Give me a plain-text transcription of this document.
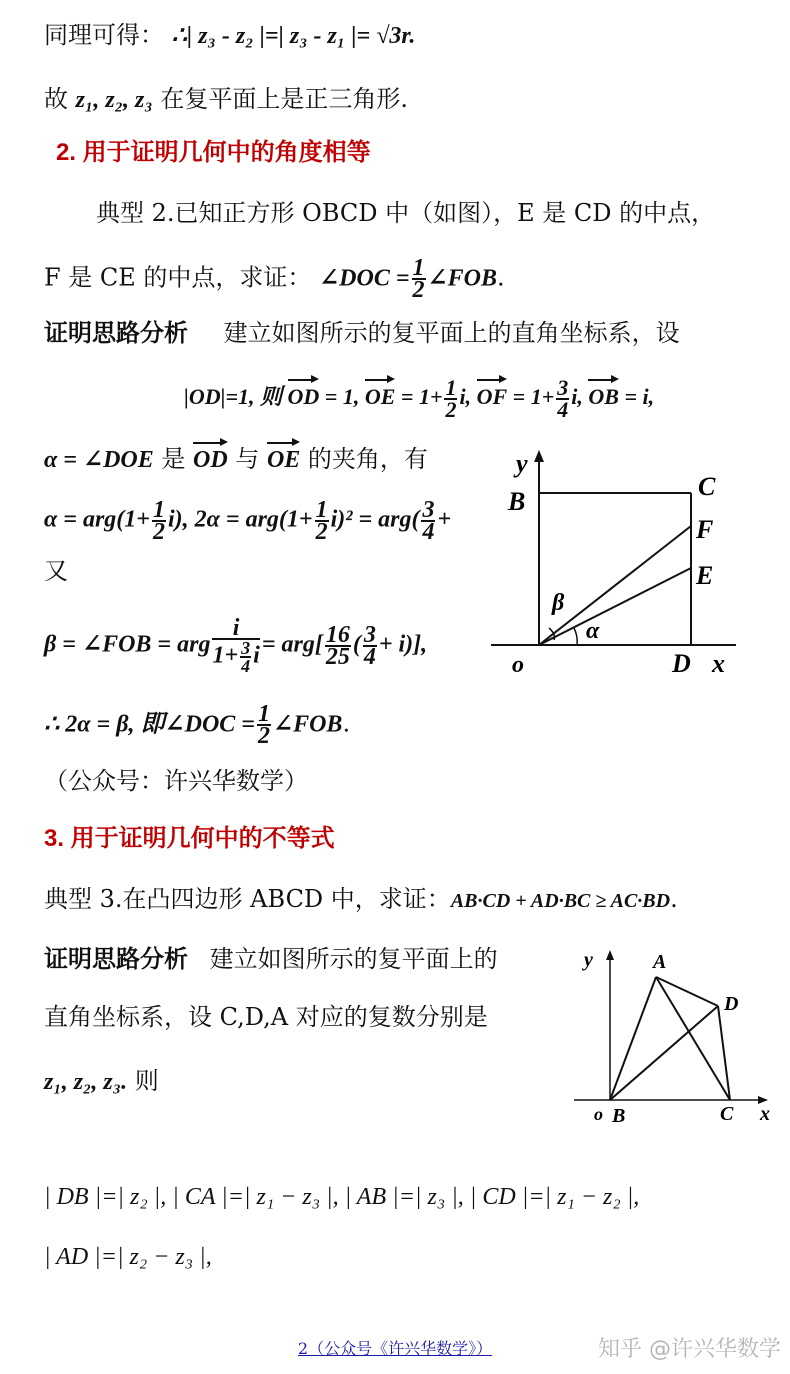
同理可得： ∴| z₃ - z₂ |=| z₃ - z₁ |= √3r.
故 z₁, z₂, z₃ 在复平面上是正三角形.
2. 用于证明几何中的角度相等
典型 2.已知正方形 OBCD 中（如图），E 是 CD 的中点，
F 是 CE 的中点，求证： ∠DOC = $\frac{1}{2}$ ∠FOB.
证明思路分析 建立如图所示的复平面上的直角坐标系，设
|OD|=1, 则 OD = 1, OE = $1+ \frac{1}{2} i$, OF = $1+ \frac{3}{4} i$, OB = i,
α = ∠DOE 是 OD 与 OE 的夹角，有
$\alpha = arg(1+ \frac{1}{2} i)$, $2\alpha = arg(1+ \frac{1}{2} i)^2 = arg( \frac{3}{4}$ +
又
β = ∠FOB = arg $\frac{i}{1+ \frac{3}{4} i} = arg[ \frac{16}{25}$ ( $\frac{3}{4} + i$)],
∴ 2α = β, 即∠DOC = $\frac{1}{2}$ ∠FOB.
（公众号：许兴华数学）
3. 用于证明几何中的不等式
典型 3.在凸四边形 ABCD 中，求证：AB·CD + AD·BC ≥ AC·BD.
证明思路分析 建立如图所示的复平面上的
直角坐标系，设 C,D,A 对应的复数分别是
z₁, z₂, z₃. 则
| DB |=| z₂ |, | CA |=| z₁ − z₃ |, | AB |=| z₃ |, | CD |=| z₁ − z₂ |,
| AD |=| z₂ − z₃ |,
y
B
C
F
E
β
α
o	D x
y	A
D
o B	C x
2（公众号《许兴华数学》）	知乎 @许兴华数学
